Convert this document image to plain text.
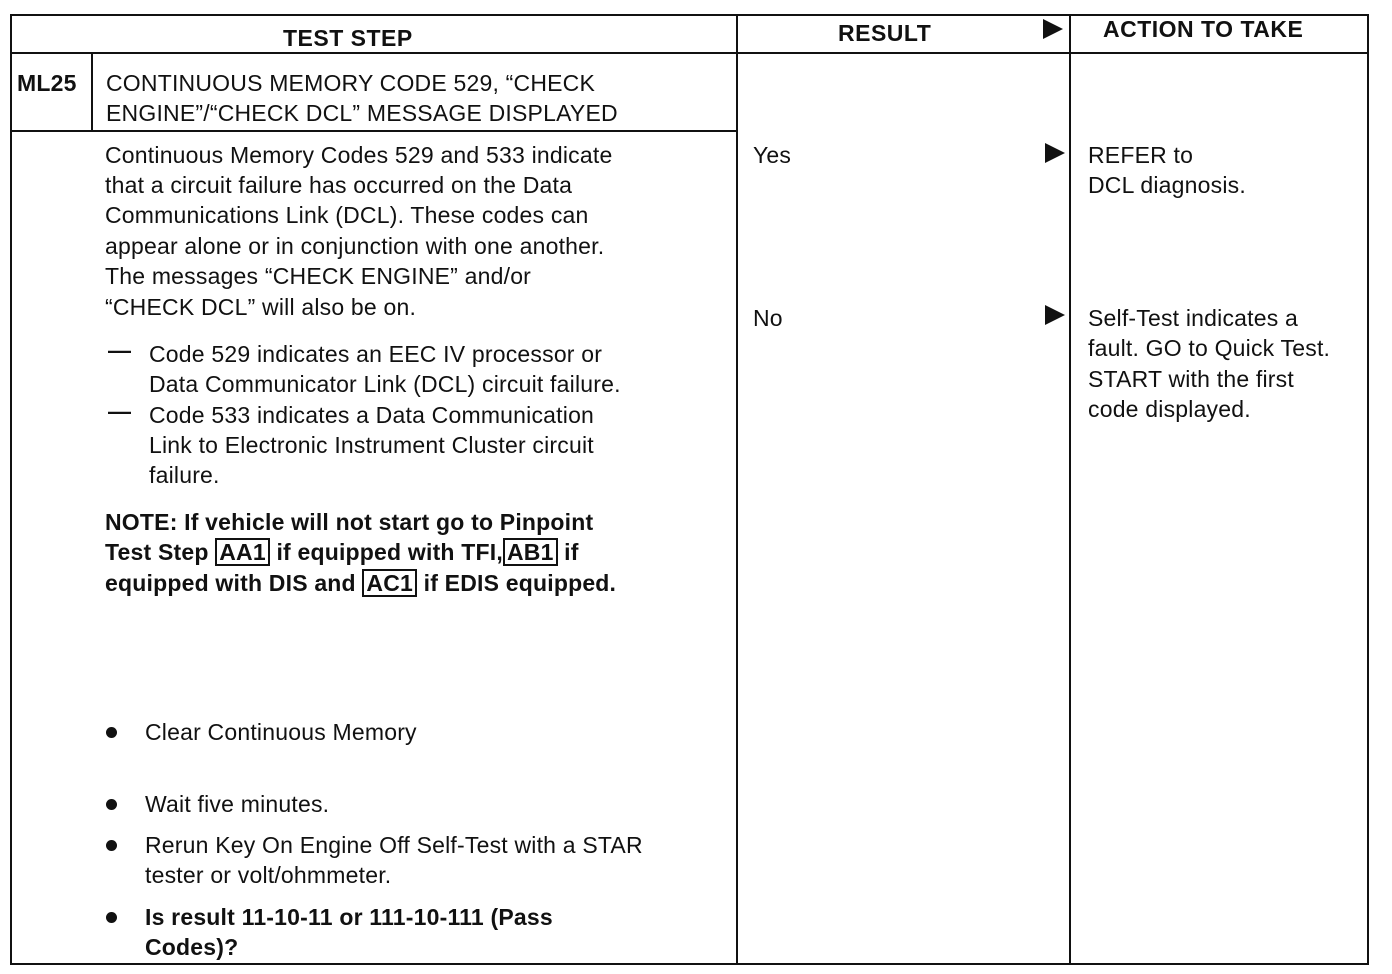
TEST STEP	RESULT	ACTION TO TAKE
ML25 CONTINUOUS MEMORY CODE 529, “CHECK
ENGINE”/“CHECK DCL” MESSAGE DISPLAYED
Continuous Memory Codes 529 and 533 indicate
that a circuit failure has occurred on the Data
Communications Link (DCL). These codes can
appear alone or in conjunction with one another.
The messages “CHECK ENGINE” and/or
“CHECK DCL” will also be on.
— Code 529 indicates an EEC IV processor or
Data Communicator Link (DCL) circuit failure.
— Code 533 indicates a Data Communication
Link to Electronic Instrument Cluster circuit
failure.
NOTE: If vehicle will not start go to Pinpoint
Test Step AA1 if equipped with TFI, AB1 if
equipped with DIS and AC1 if EDIS equipped.
Clear Continuous Memory
Wait five minutes.
Rerun Key On Engine Off Self-Test with a STAR
tester or volt/ohmmeter.
Is result 11-10-11 or 111-10-111 (Pass
Codes)?
Yes	REFER to
DCL diagnosis.
No	Self-Test indicates a
fault. GO to Quick Test.
START with the first
code displayed.
